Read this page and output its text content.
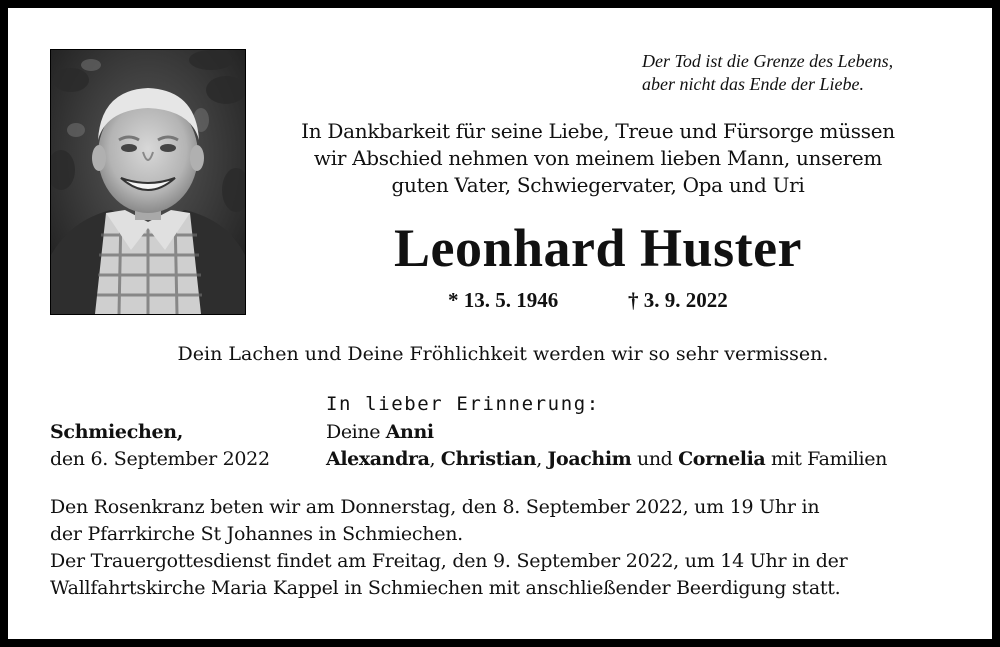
Der Tod ist die Grenze des Lebens,
aber nicht das Ende der Liebe.
In Dankbarkeit für seine Liebe, Treue und Fürsorge müssen
wir Abschied nehmen von meinem lieben Mann, unserem
guten Vater, Schwiegervater, Opa und Uri
Leonhard Huster
* 13. 5. 1946	† 3. 9. 2022
Dein Lachen und Deine Fröhlichkeit werden wir so sehr vermissen.
In lieber Erinnerung:
Schmiechen,
den 6. September 2022
Deine Anni
Alexandra, Christian, Joachim und Cornelia mit Familien
Den Rosenkranz beten wir am Donnerstag, den 8. September 2022, um 19 Uhr in
der Pfarrkirche St Johannes in Schmiechen.
Der Trauergottesdienst findet am Freitag, den 9. September 2022, um 14 Uhr in der
Wallfahrtskirche Maria Kappel in Schmiechen mit anschließender Beerdigung statt.
